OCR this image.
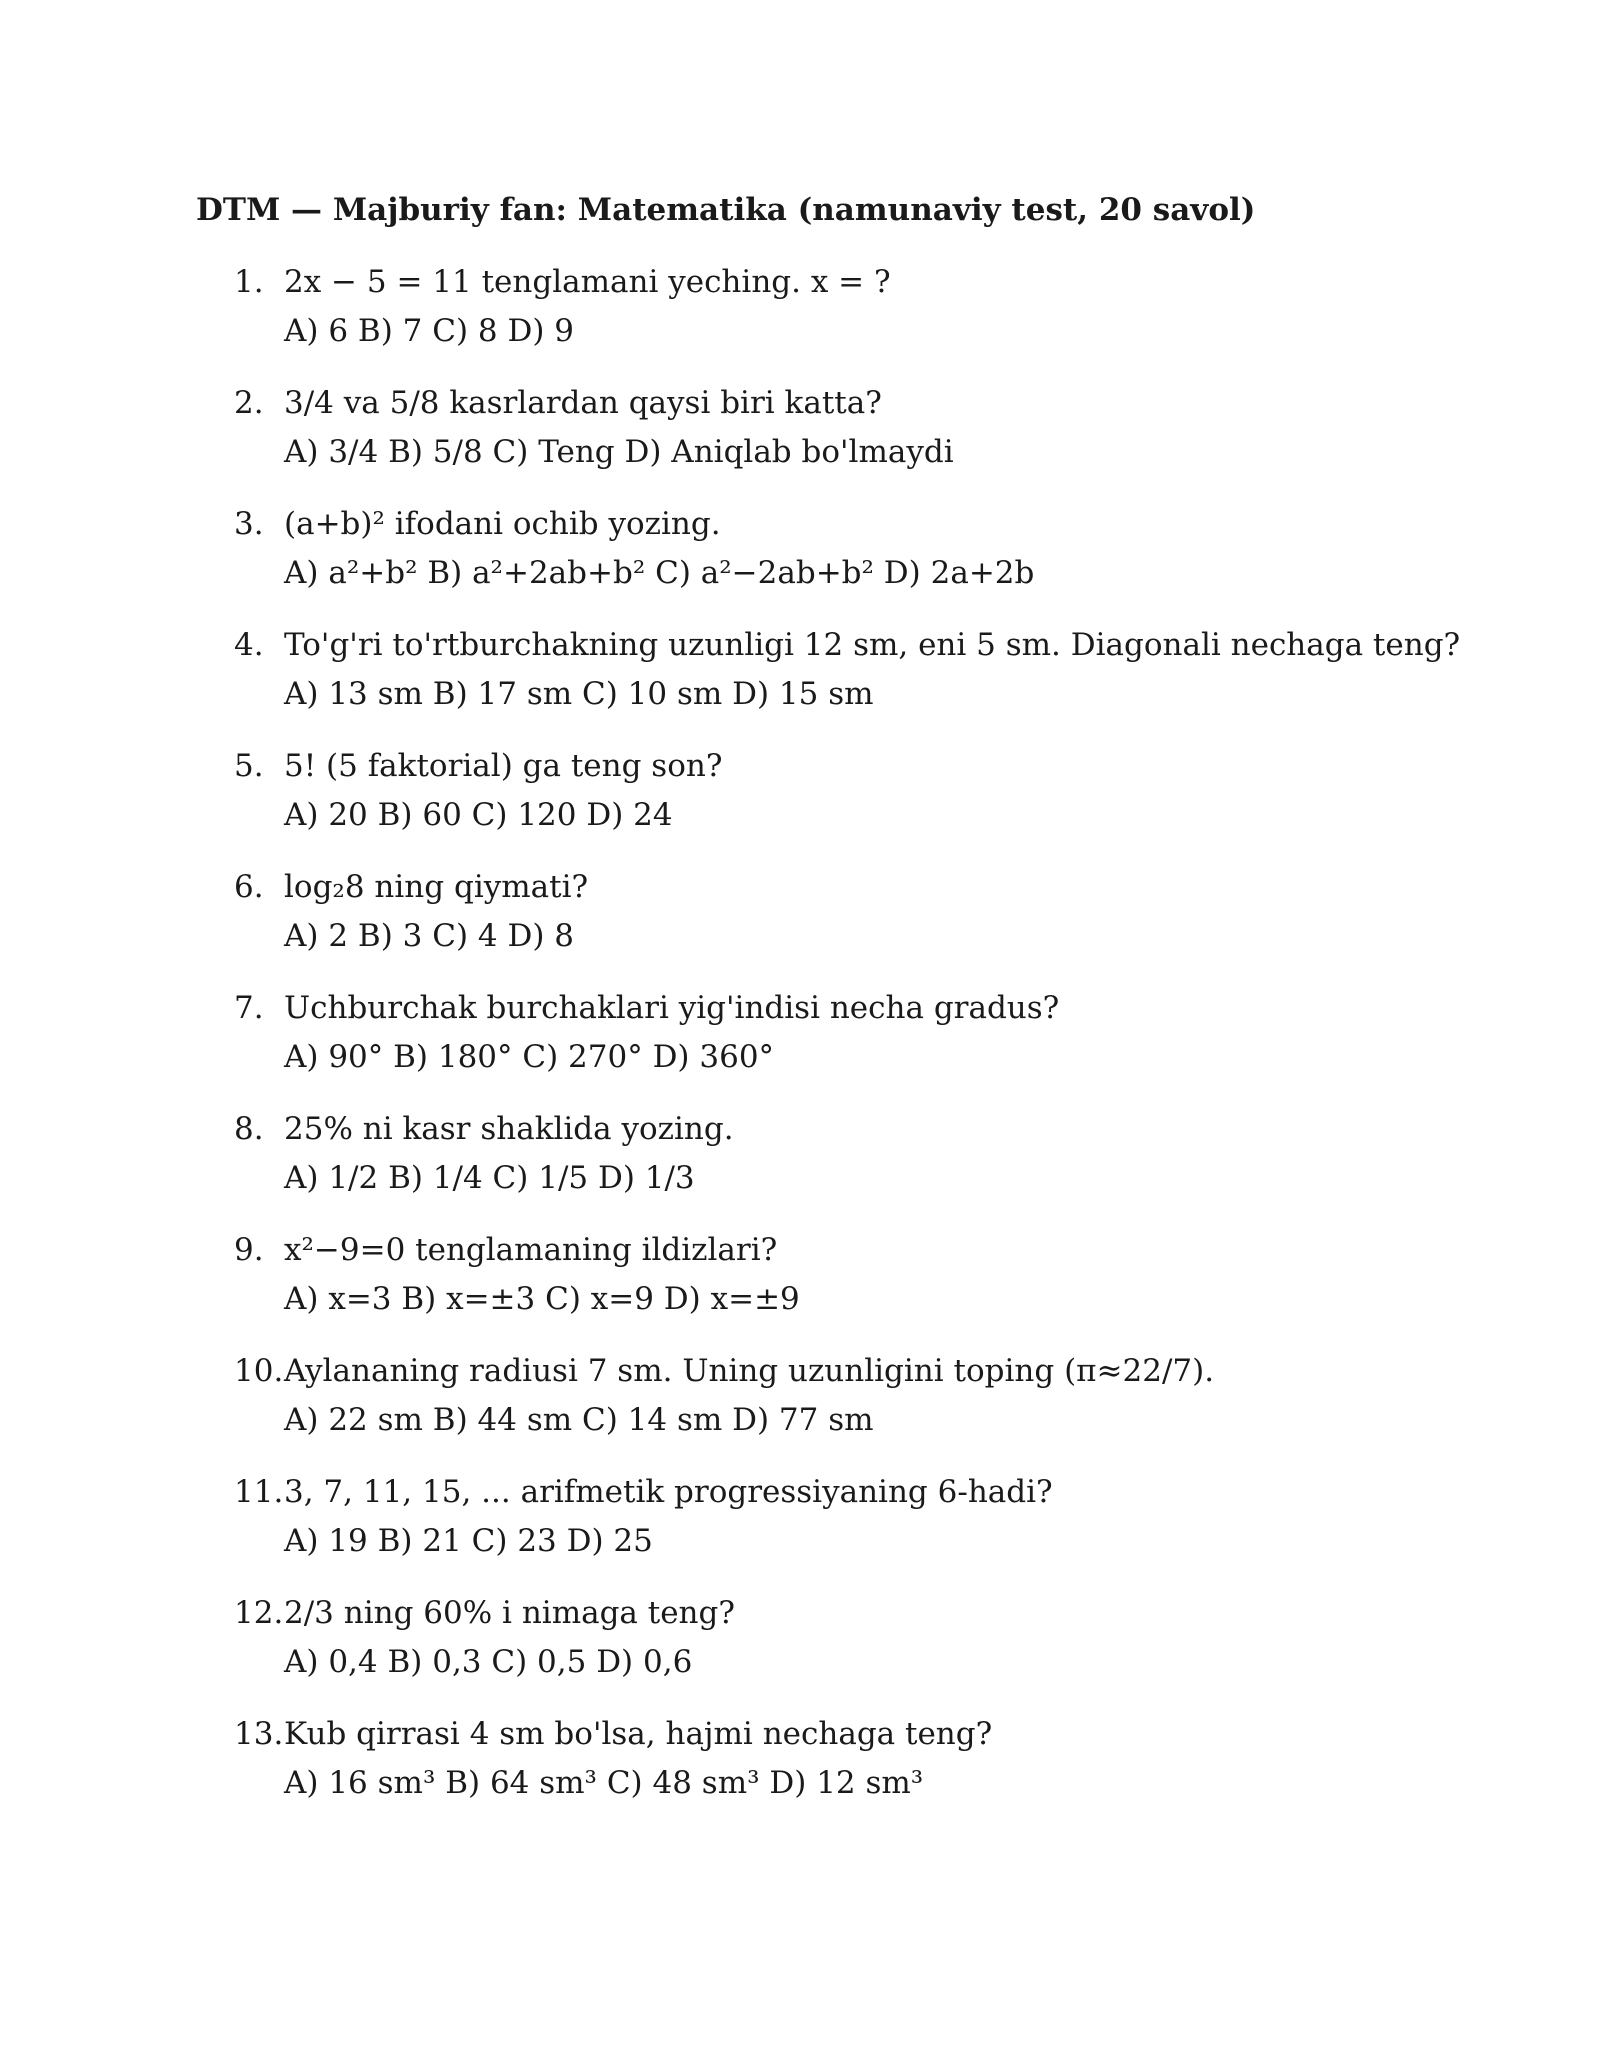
DTM — Majburiy fan: Matematika (namunaviy test, 20 savol)
1. 2x − 5 = 11 tenglamani yeching. x = ?
A) 6 B) 7 C) 8 D) 9
2. 3/4 va 5/8 kasrlardan qaysi biri katta?
A) 3/4 B) 5/8 C) Teng D) Aniqlab bo'lmaydi
3. (a+b)² ifodani ochib yozing.
A) a²+b² B) a²+2ab+b² C) a²−2ab+b² D) 2a+2b
4. To'g'ri to'rtburchakning uzunligi 12 sm, eni 5 sm. Diagonali nechaga teng?
A) 13 sm B) 17 sm C) 10 sm D) 15 sm
5. 5! (5 faktorial) ga teng son?
A) 20 B) 60 C) 120 D) 24
6. log₂8 ning qiymati?
A) 2 B) 3 C) 4 D) 8
7. Uchburchak burchaklari yig'indisi necha gradus?
A) 90° B) 180° C) 270° D) 360°
8. 25% ni kasr shaklida yozing.
A) 1/2 B) 1/4 C) 1/5 D) 1/3
9. x²−9=0 tenglamaning ildizlari?
A) x=3 B) x=±3 C) x=9 D) x=±9
10. Aylananing radiusi 7 sm. Uning uzunligini toping (π≈22/7).
A) 22 sm B) 44 sm C) 14 sm D) 77 sm
11. 3, 7, 11, 15, ... arifmetik progressiyaning 6-hadi?
A) 19 B) 21 C) 23 D) 25
12. 2/3 ning 60% i nimaga teng?
A) 0,4 B) 0,3 C) 0,5 D) 0,6
13. Kub qirrasi 4 sm bo'lsa, hajmi nechaga teng?
A) 16 sm³ B) 64 sm³ C) 48 sm³ D) 12 sm³
